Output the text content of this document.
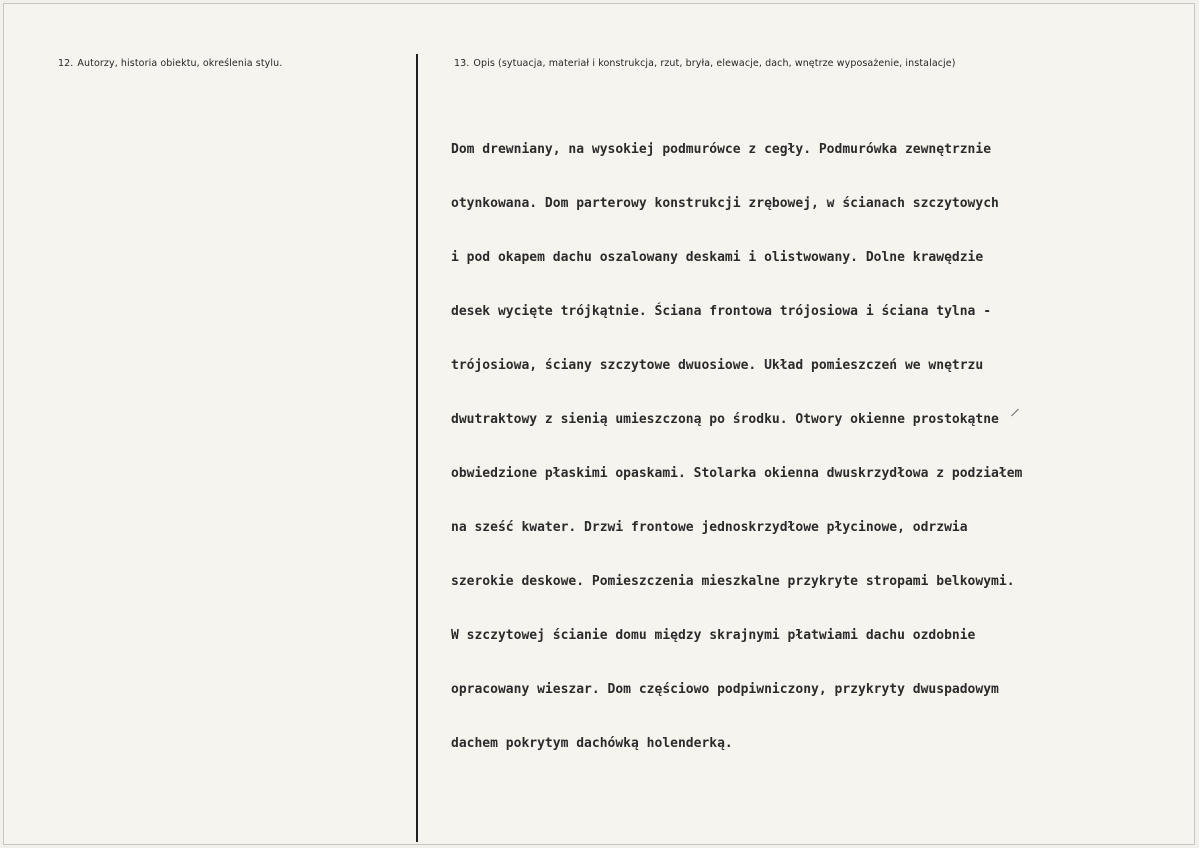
12. Autorzy, historia obiektu, określenia stylu.	13. Opis (sytuacja, materiał i konstrukcja, rzut, bryła, elewacje, dach, wnętrze wyposażenie, instalacje)

Dom drewniany, na wysokiej podmurówce z cegły. Podmurówka zewnętrznie

otynkowana. Dom parterowy konstrukcji zrębowej, w ścianach szczytowych

i pod okapem dachu oszalowany deskami i olistwowany. Dolne krawędzie

desek wycięte trójkątnie. Ściana frontowa trójosiowa i ściana tylna -

trójosiowa, ściany szczytowe dwuosiowe. Układ pomieszczeń we wnętrzu

dwutraktowy z sienią umieszczoną po środku. Otwory okienne prostokątne

obwiedzione płaskimi opaskami. Stolarka okienna dwuskrzydłowa z podziałem

na sześć kwater. Drzwi frontowe jednoskrzydłowe płycinowe, odrzwia

szerokie deskowe. Pomieszczenia mieszkalne przykryte stropami belkowymi.

W szczytowej ścianie domu między skrajnymi płatwiami dachu ozdobnie

opracowany wieszar. Dom częściowo podpiwniczony, przykryty dwuspadowym

dachem pokrytym dachówką holenderką.
